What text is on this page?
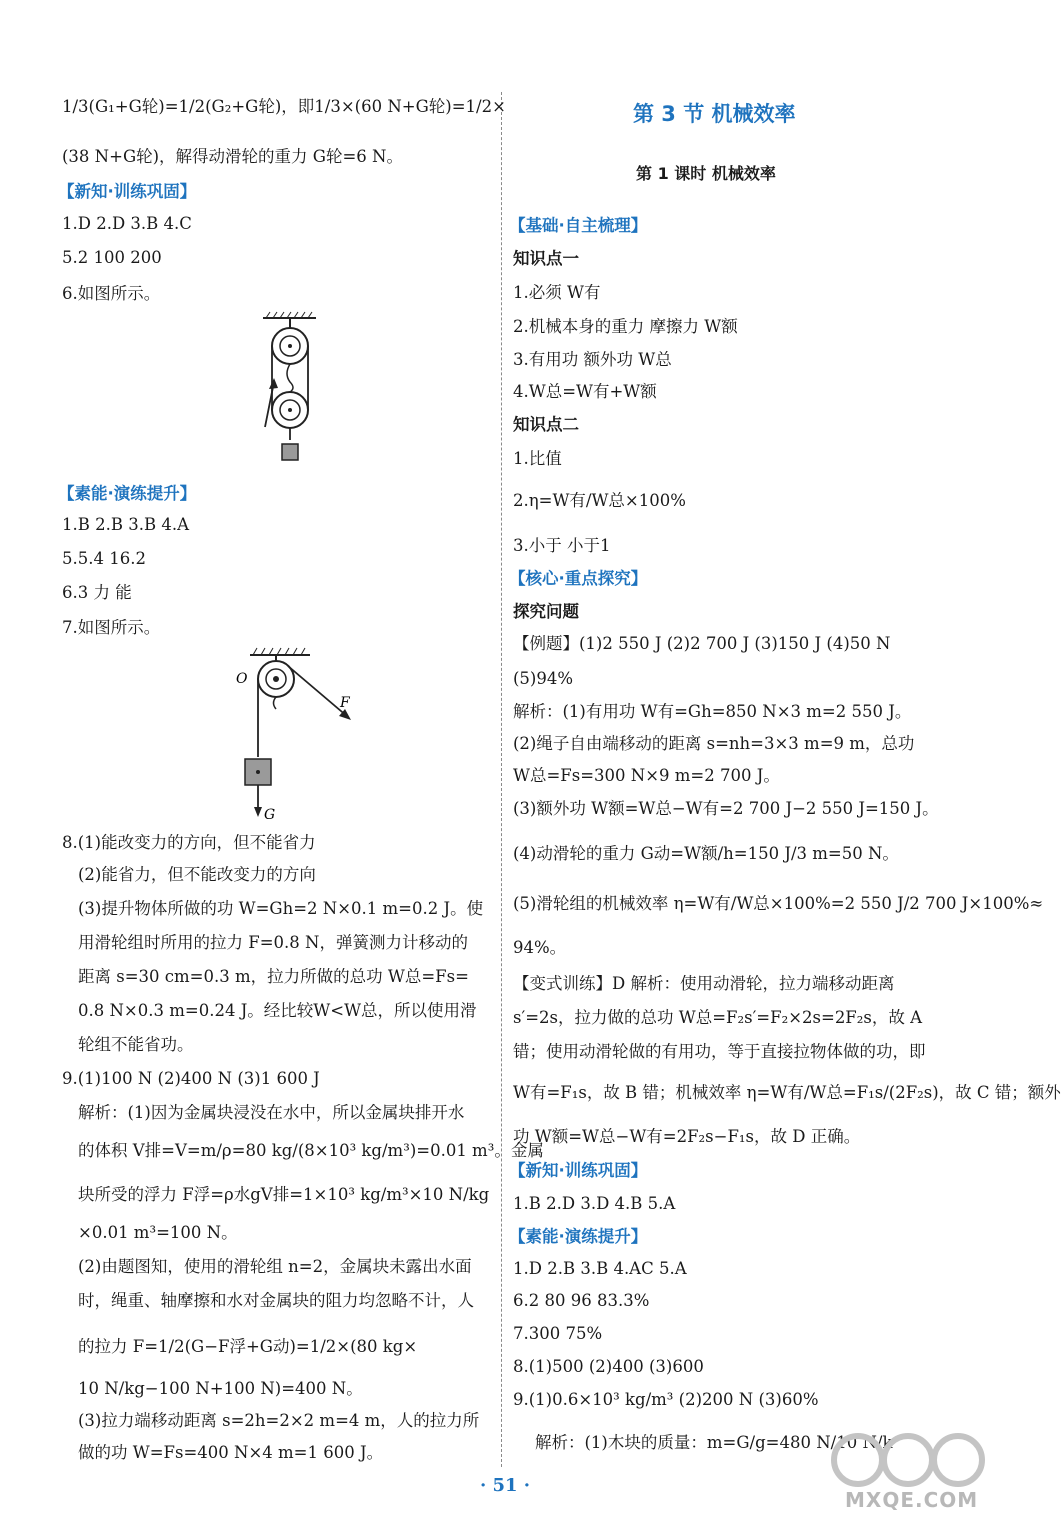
1/3(G₁+G轮)=1/2(G₂+G轮)，即1/3×(60 N+G轮)=1/2×
(38 N+G轮)，解得动滑轮的重力 G轮=6 N。
【新知·训练巩固】
1.D 2.D 3.B 4.C
5.2 100 200
6.如图所示。
【素能·演练提升】
1.B 2.B 3.B 4.A
5.5.4 16.2
6.3 力 能
7.如图所示。
O
F
G
8.(1)能改变力的方向，但不能省力
(2)能省力，但不能改变力的方向
(3)提升物体所做的功 W=Gh=2 N×0.1 m=0.2 J。使
用滑轮组时所用的拉力 F=0.8 N，弹簧测力计移动的
距离 s=30 cm=0.3 m，拉力所做的总功 W总=Fs=
0.8 N×0.3 m=0.24 J。经比较W<W总，所以使用滑
轮组不能省功。
9.(1)100 N (2)400 N (3)1 600 J
解析：(1)因为金属块浸没在水中，所以金属块排开水
的体积 V排=V=m/ρ=80 kg/(8×10³ kg/m³)=0.01 m³。金属
块所受的浮力 F浮=ρ水gV排=1×10³ kg/m³×10 N/kg
×0.01 m³=100 N。
(2)由题图知，使用的滑轮组 n=2，金属块未露出水面
时，绳重、轴摩擦和水对金属块的阻力均忽略不计，人
的拉力 F=1/2(G−F浮+G动)=1/2×(80 kg×
10 N/kg−100 N+100 N)=400 N。
(3)拉力端移动距离 s=2h=2×2 m=4 m，人的拉力所
做的功 W=Fs=400 N×4 m=1 600 J。
第 3 节 机械效率
第 1 课时 机械效率
【基础·自主梳理】
知识点一
1.必须 W有
2.机械本身的重力 摩擦力 W额
3.有用功 额外功 W总
4.W总=W有+W额
知识点二
1.比值
2.η=W有/W总×100%
3.小于 小于1
【核心·重点探究】
探究问题
【例题】(1)2 550 J (2)2 700 J (3)150 J (4)50 N
(5)94%
解析：(1)有用功 W有=Gh=850 N×3 m=2 550 J。
(2)绳子自由端移动的距离 s=nh=3×3 m=9 m，总功
W总=Fs=300 N×9 m=2 700 J。
(3)额外功 W额=W总−W有=2 700 J−2 550 J=150 J。
(4)动滑轮的重力 G动=W额/h=150 J/3 m=50 N。
(5)滑轮组的机械效率 η=W有/W总×100%=2 550 J/2 700 J×100%≈
94%。
【变式训练】D 解析：使用动滑轮，拉力端移动距离
s′=2s，拉力做的总功 W总=F₂s′=F₂×2s=2F₂s，故 A
错；使用动滑轮做的有用功，等于直接拉物体做的功，即
W有=F₁s，故 B 错；机械效率 η=W有/W总=F₁s/(2F₂s)，故 C 错；额外
功 W额=W总−W有=2F₂s−F₁s，故 D 正确。
【新知·训练巩固】
1.B 2.D 3.D 4.B 5.A
【素能·演练提升】
1.D 2.B 3.B 4.AC 5.A
6.2 80 96 83.3%
7.300 75%
8.(1)500 (2)400 (3)600
9.(1)0.6×10³ kg/m³ (2)200 N (3)60%
解析：(1)木块的质量：m=G/g=480 N/10 N/k
· 51 ·
MXQE.COM
